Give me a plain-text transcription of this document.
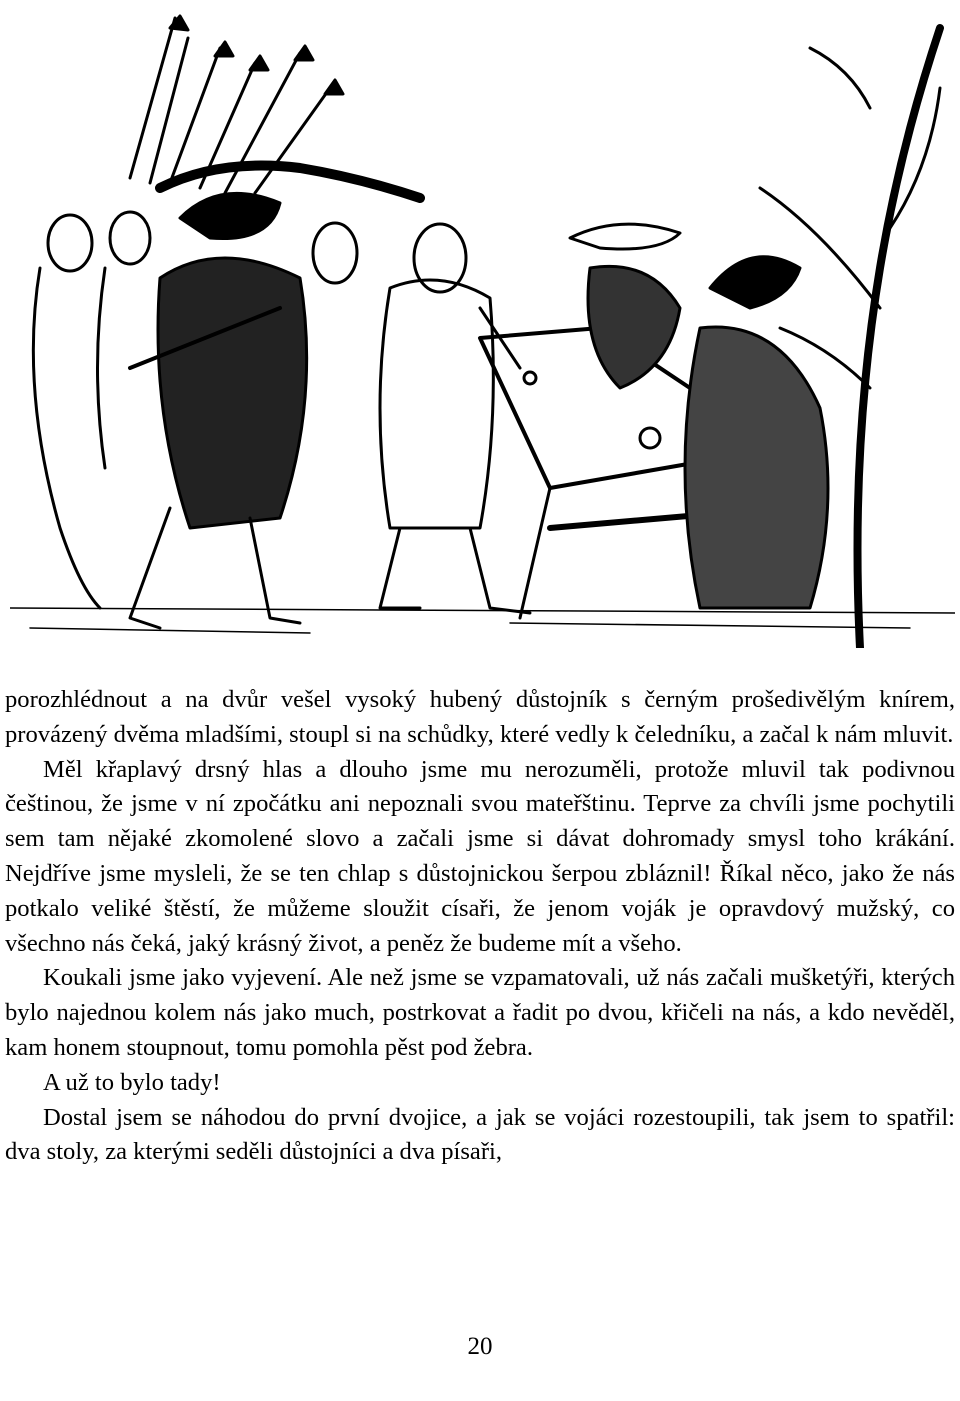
porozhlédnout a na dvůr vešel vysoký hubený důstojník s černým prošedivělým knírem, provázený dvěma mladšími, stoupl si na schůdky, které vedly k čeledníku, a začal k nám mluvit.

Měl křaplavý drsný hlas a dlouho jsme mu nerozuměli, protože mluvil tak podivnou češtinou, že jsme v ní zpočátku ani nepoznali svou mateřštinu. Teprve za chvíli jsme pochytili sem tam nějaké zkomolené slovo a začali jsme si dávat dohromady smysl toho krákání. Nejdříve jsme mysleli, že se ten chlap s důstojnickou šerpou zbláznil! Říkal něco, jako že nás potkalo veliké štěstí, že můžeme sloužit císaři, že jenom voják je opravdový mužský, co všechno nás čeká, jaký krásný život, a peněz že budeme mít a všeho.

Koukali jsme jako vyjevení. Ale než jsme se vzpamatovali, už nás začali mušketýři, kterých bylo najednou kolem nás jako much, postrkovat a řadit po dvou, křičeli na nás, a kdo nevěděl, kam honem stoupnout, tomu pomohla pěst pod žebra.

A už to bylo tady!

Dostal jsem se náhodou do první dvojice, a jak se vojáci rozestoupili, tak jsem to spatřil: dva stoly, za kterými seděli důstojníci a dva písaři,

20
